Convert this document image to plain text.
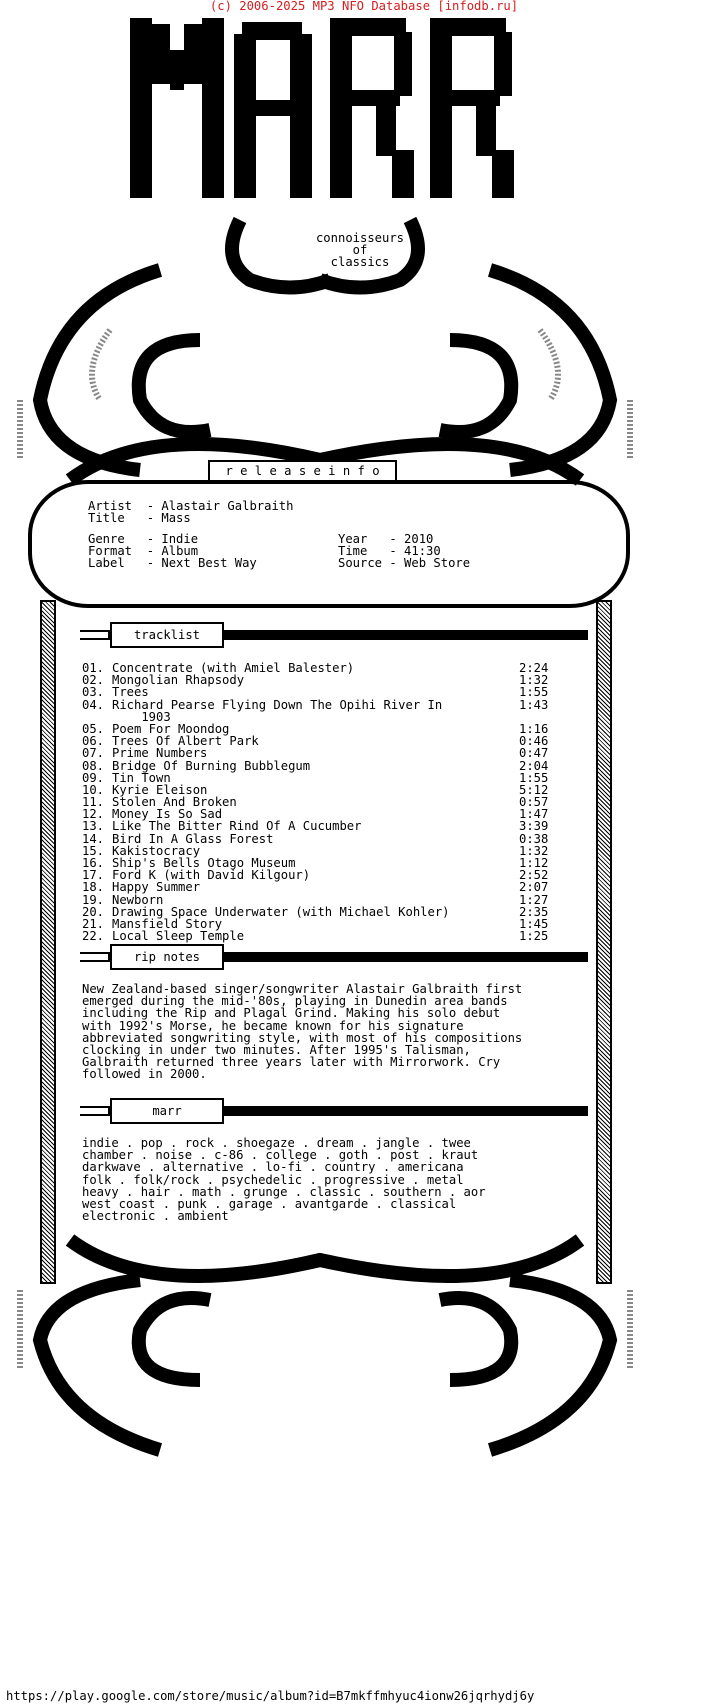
(c) 2006-2025 MP3 NFO Database [infodb.ru]
connoisseurs
of
classics
r e l e a s e i n f o
Artist  - Alastair Galbraith
Title   - Mass
Genre   - Indie
Format  - Album
Label   - Next Best Way
Year   - 2010
Time   - 41:30
Source - Web Store
tracklist
01. Concentrate (with Amiel Balester)	2:24
02. Mongolian Rhapsody	1:32
03. Trees	1:55
04. Richard Pearse Flying Down The Opihi River In	1:43
1903
05. Poem For Moondog	1:16
06. Trees Of Albert Park	0:46
07. Prime Numbers	0:47
08. Bridge Of Burning Bubblegum	2:04
09. Tin Town	1:55
10. Kyrie Eleison	5:12
11. Stolen And Broken	0:57
12. Money Is So Sad	1:47
13. Like The Bitter Rind Of A Cucumber	3:39
14. Bird In A Glass Forest	0:38
15. Kakistocracy	1:32
16. Ship's Bells Otago Museum	1:12
17. Ford K (with David Kilgour)	2:52
18. Happy Summer	2:07
19. Newborn	1:27
20. Drawing Space Underwater (with Michael Kohler)	2:35
21. Mansfield Story	1:45
22. Local Sleep Temple	1:25
rip notes
New Zealand-based singer/songwriter Alastair Galbraith first
emerged during the mid-'80s, playing in Dunedin area bands
including the Rip and Plagal Grind. Making his solo debut
with 1992's Morse, he became known for his signature
abbreviated songwriting style, with most of his compositions
clocking in under two minutes. After 1995's Talisman,
Galbraith returned three years later with Mirrorwork. Cry
followed in 2000.
marr
indie . pop . rock . shoegaze . dream . jangle . twee
chamber . noise . c-86 . college . goth . post . kraut
darkwave . alternative . lo-fi . country . americana
folk . folk/rock . psychedelic . progressive . metal
heavy . hair . math . grunge . classic . southern . aor
west coast . punk . garage . avantgarde . classical
electronic . ambient
https://play.google.com/store/music/album?id=B7mkffmhyuc4ionw26jqrhydj6y
